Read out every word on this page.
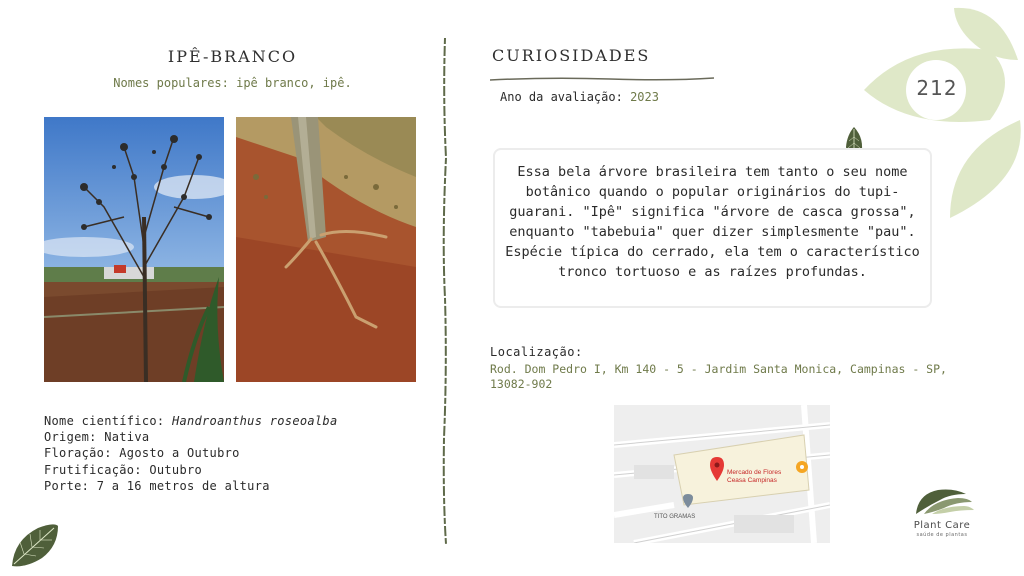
IPÊ-BRANCO
Nomes populares: ipê branco, ipê.
Nome científico: Handroanthus roseoalba
Origem: Nativa
Floração: Agosto a Outubro
Frutificação: Outubro
Porte: 7 a 16 metros de altura
CURIOSIDADES
Ano da avaliação: 2023	212

Essa bela árvore brasileira tem tanto o seu nome botânico quando o popular originários do tupi-guarani. "Ipê" significa "árvore de casca grossa", enquanto "tabebuia" quer dizer simplesmente "pau". Espécie típica do cerrado, ela tem o característico tronco tortuoso e as raízes profundas.

Localização:
Rod. Dom Pedro I, Km 140 - 5 - Jardim Santa Monica, Campinas - SP, 13082-902
Mercado de Flores
Ceasa Campinas
TITO GRAMAS
Plant Care
saúde de plantas
